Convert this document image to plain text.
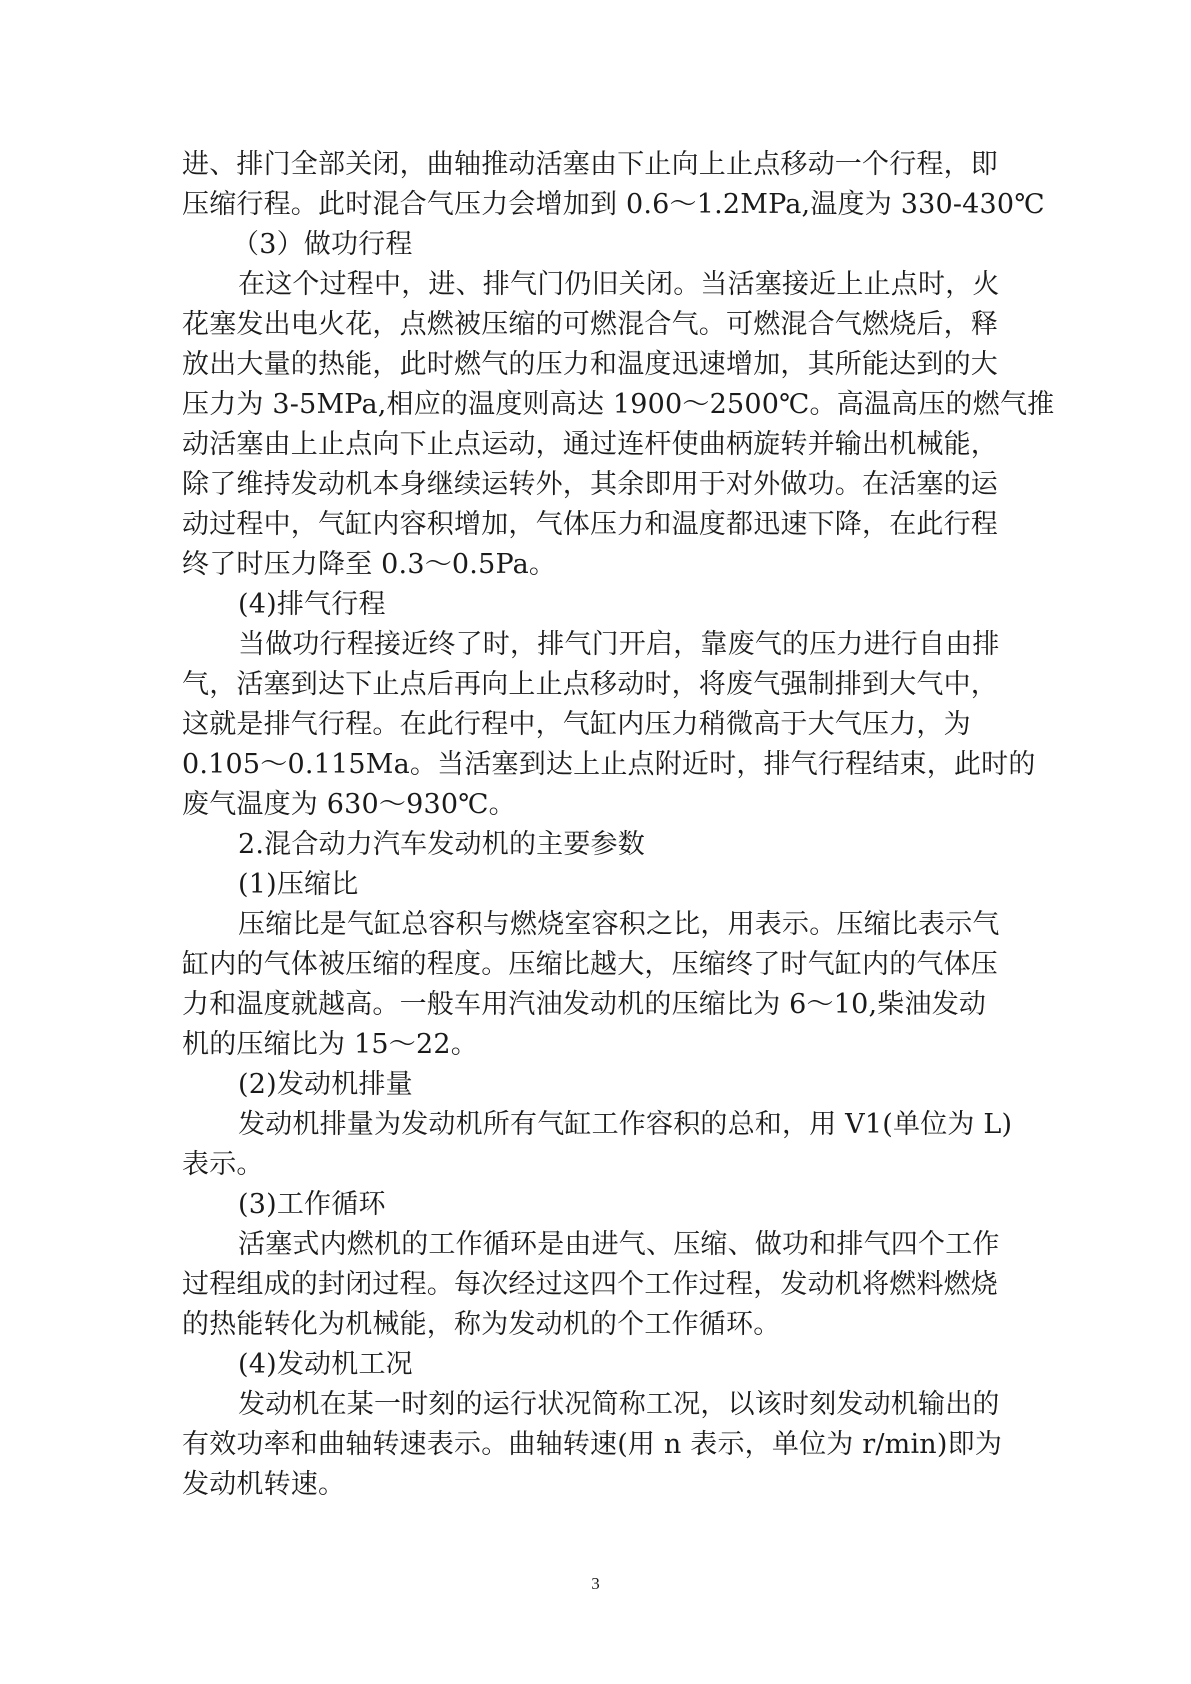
进、排门全部关闭，曲轴推动活塞由下止向上止点移动一个行程，即
压缩行程。此时混合气压力会增加到 0.6～1.2MPa,温度为 330-430℃
（3）做功行程
在这个过程中，进、排气门仍旧关闭。当活塞接近上止点时，火
花塞发出电火花，点燃被压缩的可燃混合气。可燃混合气燃烧后，释
放出大量的热能，此时燃气的压力和温度迅速增加，其所能达到的大
压力为 3-5MPa,相应的温度则高达 1900～2500℃。高温高压的燃气推
动活塞由上止点向下止点运动，通过连杆使曲柄旋转并输出机械能，
除了维持发动机本身继续运转外，其余即用于对外做功。在活塞的运
动过程中，气缸内容积增加，气体压力和温度都迅速下降，在此行程
终了时压力降至 0.3～0.5Pa。
(4)排气行程
当做功行程接近终了时，排气门开启，靠废气的压力进行自由排
气，活塞到达下止点后再向上止点移动时，将废气强制排到大气中，
这就是排气行程。在此行程中，气缸内压力稍微高于大气压力，为
0.105～0.115Ma。当活塞到达上止点附近时，排气行程结束，此时的
废气温度为 630～930℃。
2.混合动力汽车发动机的主要参数
(1)压缩比
压缩比是气缸总容积与燃烧室容积之比，用表示。压缩比表示气
缸内的气体被压缩的程度。压缩比越大，压缩终了时气缸内的气体压
力和温度就越高。一般车用汽油发动机的压缩比为 6～10,柴油发动
机的压缩比为 15～22。
(2)发动机排量
发动机排量为发动机所有气缸工作容积的总和，用 V1(单位为 L)
表示。
(3)工作循环
活塞式内燃机的工作循环是由进气、压缩、做功和排气四个工作
过程组成的封闭过程。每次经过这四个工作过程，发动机将燃料燃烧
的热能转化为机械能，称为发动机的个工作循环。
(4)发动机工况
发动机在某一时刻的运行状况简称工况，以该时刻发动机输出的
有效功率和曲轴转速表示。曲轴转速(用 n 表示，单位为 r/min)即为
发动机转速。
3
